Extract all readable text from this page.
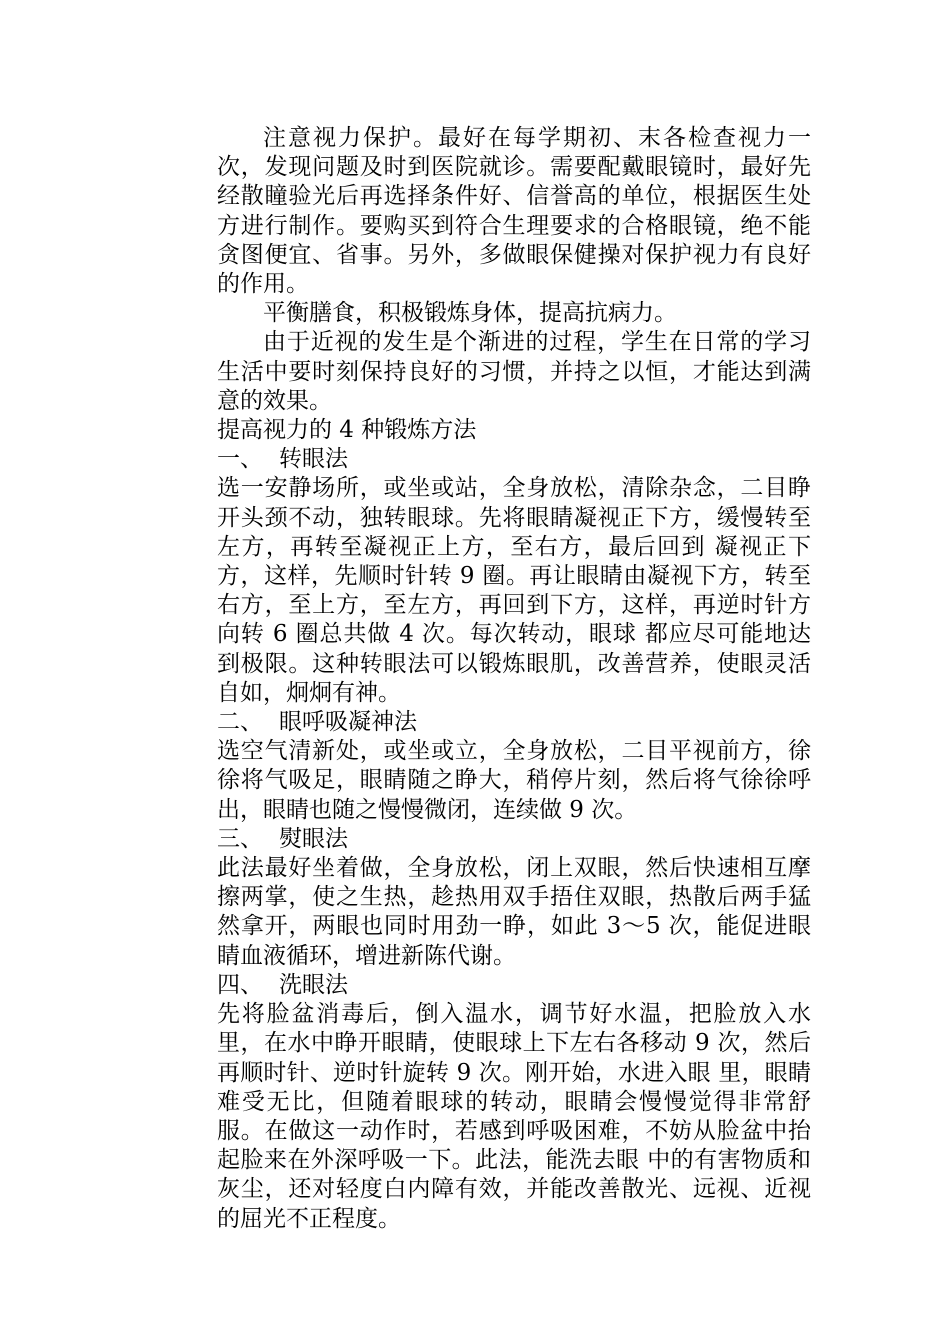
注意视力保护。最好在每学期初、末各检查视力一次，发现问题及时到医院就诊。需要配戴眼镜时，最好先经散瞳验光后再选择条件好、信誉高的单位，根据医生处方进行制作。要购买到符合生理要求的合格眼镜，绝不能贪图便宜、省事。另外，多做眼保健操对保护视力有良好的作用。

平衡膳食，积极锻炼身体，提高抗病力。

由于近视的发生是个渐进的过程，学生在日常的学习生活中要时刻保持良好的习惯，并持之以恒，才能达到满意的效果。

提高视力的 4 种锻炼方法

一、 转眼法

选一安静场所，或坐或站，全身放松，清除杂念，二目睁开头颈不动，独转眼球。先将眼睛凝视正下方，缓慢转至左方，再转至凝视正上方，至右方，最后回到 凝视正下方，这样，先顺时针转 9 圈。再让眼睛由凝视下方，转至右方，至上方，至左方，再回到下方，这样，再逆时针方向转 6 圈总共做 4 次。每次转动，眼球 都应尽可能地达到极限。这种转眼法可以锻炼眼肌，改善营养，使眼灵活自如，炯炯有神。

二、 眼呼吸凝神法

选空气清新处，或坐或立，全身放松，二目平视前方，徐徐将气吸足，眼睛随之睁大，稍停片刻，然后将气徐徐呼出，眼睛也随之慢慢微闭，连续做 9 次。

三、 熨眼法

此法最好坐着做，全身放松，闭上双眼，然后快速相互摩擦两掌，使之生热，趁热用双手捂住双眼，热散后两手猛然拿开，两眼也同时用劲一睁，如此 3～5 次，能促进眼睛血液循环，增进新陈代谢。

四、 洗眼法

先将脸盆消毒后，倒入温水，调节好水温，把脸放入水里，在水中睁开眼睛，使眼球上下左右各移动 9 次，然后再顺时针、逆时针旋转 9 次。刚开始，水进入眼 里，眼睛难受无比，但随着眼球的转动，眼睛会慢慢觉得非常舒服。在做这一动作时，若感到呼吸困难，不妨从脸盆中抬起脸来在外深呼吸一下。此法，能洗去眼 中的有害物质和灰尘，还对轻度白内障有效，并能改善散光、远视、近视的屈光不正程度。
